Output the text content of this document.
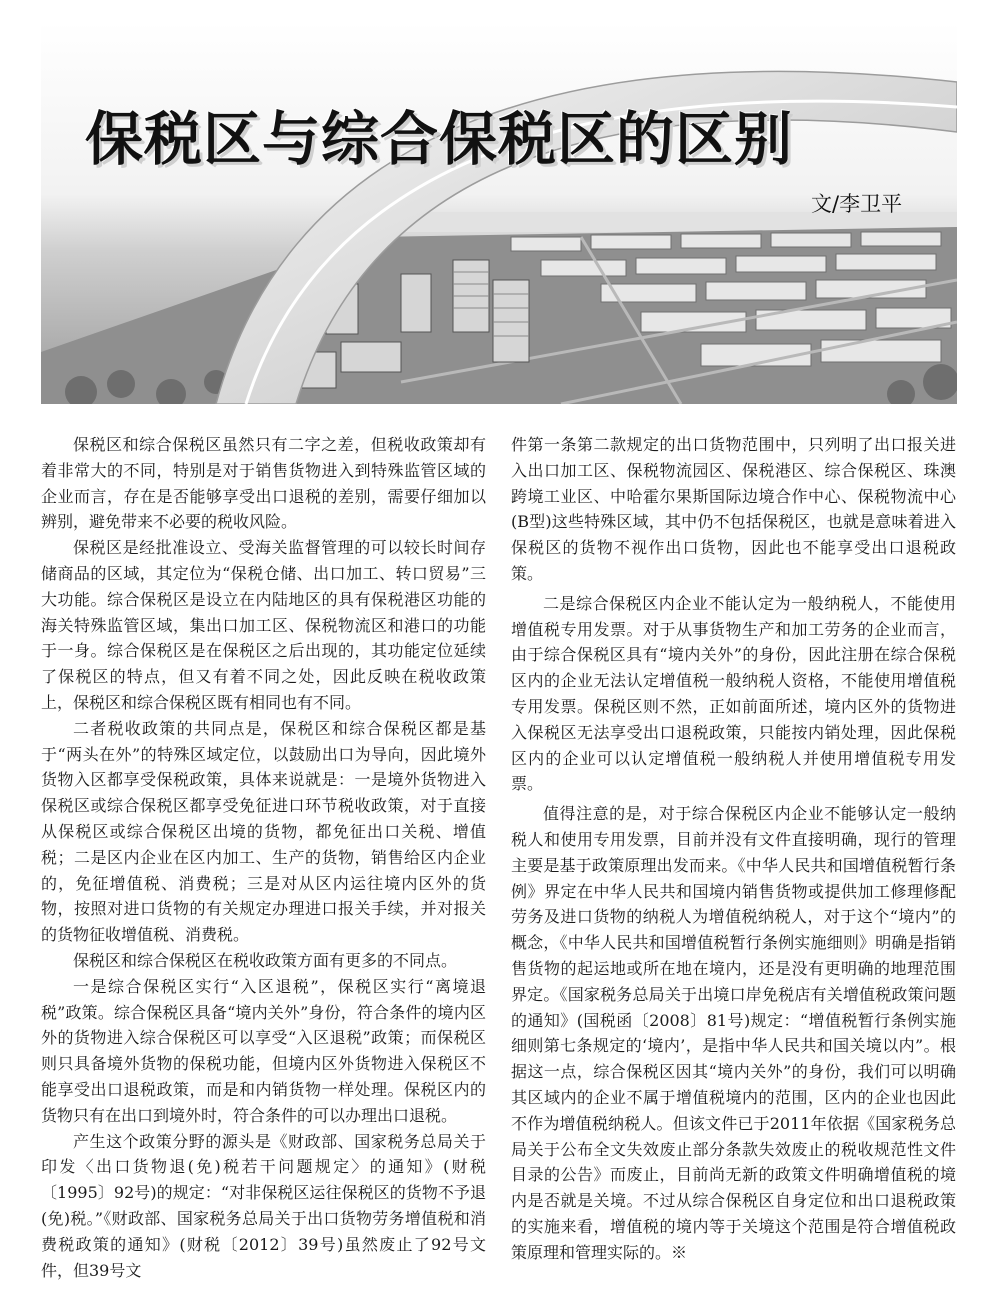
保税区与综合保税区的区别

文/李卫平

保税区和综合保税区虽然只有二字之差，但税收政策却有着非常大的不同，特别是对于销售货物进入到特殊监管区域的企业而言，存在是否能够享受出口退税的差别，需要仔细加以辨别，避免带来不必要的税收风险。

保税区是经批准设立、受海关监督管理的可以较长时间存储商品的区域，其定位为“保税仓储、出口加工、转口贸易”三大功能。综合保税区是设立在内陆地区的具有保税港区功能的海关特殊监管区域，集出口加工区、保税物流区和港口的功能于一身。综合保税区是在保税区之后出现的，其功能定位延续了保税区的特点，但又有着不同之处，因此反映在税收政策上，保税区和综合保税区既有相同也有不同。

二者税收政策的共同点是，保税区和综合保税区都是基于“两头在外”的特殊区域定位，以鼓励出口为导向，因此境外货物入区都享受保税政策，具体来说就是：一是境外货物进入保税区或综合保税区都享受免征进口环节税收政策，对于直接从保税区或综合保税区出境的货物，都免征出口关税、增值税；二是区内企业在区内加工、生产的货物，销售给区内企业的，免征增值税、消费税；三是对从区内运往境内区外的货物，按照对进口货物的有关规定办理进口报关手续，并对报关的货物征收增值税、消费税。

保税区和综合保税区在税收政策方面有更多的不同点。

一是综合保税区实行“入区退税”，保税区实行“离境退税”政策。综合保税区具备“境内关外”身份，符合条件的境内区外的货物进入综合保税区可以享受“入区退税”政策；而保税区则只具备境外货物的保税功能，但境内区外货物进入保税区不能享受出口退税政策，而是和内销货物一样处理。保税区内的货物只有在出口到境外时，符合条件的可以办理出口退税。

产生这个政策分野的源头是《财政部、国家税务总局关于印发〈出口货物退(免)税若干问题规定〉的通知》(财税〔1995〕92号)的规定：“对非保税区运往保税区的货物不予退(免)税。”《财政部、国家税务总局关于出口货物劳务增值税和消费税政策的通知》(财税〔2012〕39号)虽然废止了92号文件，但39号文

件第一条第二款规定的出口货物范围中，只列明了出口报关进入出口加工区、保税物流园区、保税港区、综合保税区、珠澳跨境工业区、中哈霍尔果斯国际边境合作中心、保税物流中心(B型)这些特殊区域，其中仍不包括保税区，也就是意味着进入保税区的货物不视作出口货物，因此也不能享受出口退税政策。

二是综合保税区内企业不能认定为一般纳税人，不能使用增值税专用发票。对于从事货物生产和加工劳务的企业而言，由于综合保税区具有“境内关外”的身份，因此注册在综合保税区内的企业无法认定增值税一般纳税人资格，不能使用增值税专用发票。保税区则不然，正如前面所述，境内区外的货物进入保税区无法享受出口退税政策，只能按内销处理，因此保税区内的企业可以认定增值税一般纳税人并使用增值税专用发票。

值得注意的是，对于综合保税区内企业不能够认定一般纳税人和使用专用发票，目前并没有文件直接明确，现行的管理主要是基于政策原理出发而来。《中华人民共和国增值税暂行条例》界定在中华人民共和国境内销售货物或提供加工修理修配劳务及进口货物的纳税人为增值税纳税人，对于这个“境内”的概念，《中华人民共和国增值税暂行条例实施细则》明确是指销售货物的起运地或所在地在境内，还是没有更明确的地理范围界定。《国家税务总局关于出境口岸免税店有关增值税政策问题的通知》(国税函〔2008〕81号)规定：“增值税暂行条例实施细则第七条规定的‘境内’，是指中华人民共和国关境以内”。根据这一点，综合保税区因其“境内关外”的身份，我们可以明确其区域内的企业不属于增值税境内的范围，区内的企业也因此不作为增值税纳税人。但该文件已于2011年依据《国家税务总局关于公布全文失效废止部分条款失效废止的税收规范性文件目录的公告》而废止，目前尚无新的政策文件明确增值税的境内是否就是关境。不过从综合保税区自身定位和出口退税政策的实施来看，增值税的境内等于关境这个范围是符合增值税政策原理和管理实际的。※
